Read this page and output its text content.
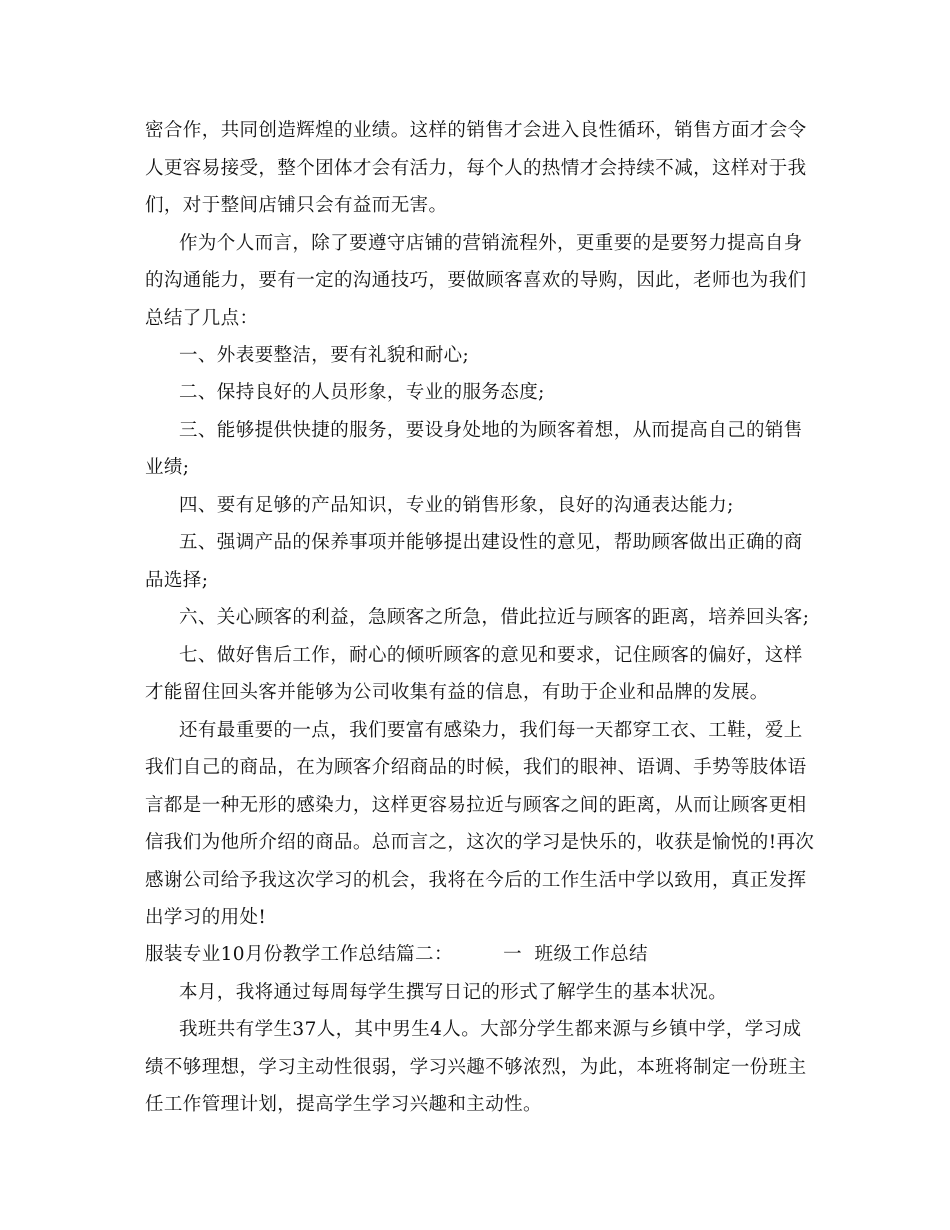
密合作，共同创造辉煌的业绩。这样的销售才会进入良性循环，销售方面才会令
人更容易接受，整个团体才会有活力，每个人的热情才会持续不减，这样对于我
们，对于整间店铺只会有益而无害。
作为个人而言，除了要遵守店铺的营销流程外，更重要的是要努力提高自身
的沟通能力，要有一定的沟通技巧，要做顾客喜欢的导购，因此，老师也为我们
总结了几点：
一、外表要整洁，要有礼貌和耐心;
二、保持良好的人员形象，专业的服务态度;
三、能够提供快捷的服务，要设身处地的为顾客着想，从而提高自己的销售
业绩;
四、要有足够的产品知识，专业的销售形象，良好的沟通表达能力;
五、强调产品的保养事项并能够提出建设性的意见，帮助顾客做出正确的商
品选择;
六、关心顾客的利益，急顾客之所急，借此拉近与顾客的距离，培养回头客;
七、做好售后工作，耐心的倾听顾客的意见和要求，记住顾客的偏好，这样
才能留住回头客并能够为公司收集有益的信息，有助于企业和品牌的发展。
还有最重要的一点，我们要富有感染力，我们每一天都穿工衣、工鞋，爱上
我们自己的商品，在为顾客介绍商品的时候，我们的眼神、语调、手势等肢体语
言都是一种无形的感染力，这样更容易拉近与顾客之间的距离，从而让顾客更相
信我们为他所介绍的商品。总而言之，这次的学习是快乐的，收获是愉悦的!再次
感谢公司给予我这次学习的机会，我将在今后的工作生活中学以致用，真正发挥
出学习的用处!
服装专业10月份教学工作总结篇二：        一  班级工作总结
本月，我将通过每周每学生撰写日记的形式了解学生的基本状况。
我班共有学生37人，其中男生4人。大部分学生都来源与乡镇中学，学习成
绩不够理想，学习主动性很弱，学习兴趣不够浓烈，为此，本班将制定一份班主
任工作管理计划，提高学生学习兴趣和主动性。
